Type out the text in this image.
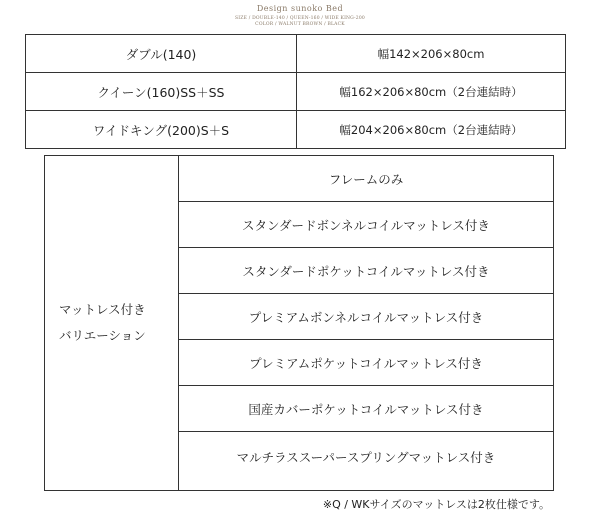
Design sunoko Bed
SIZE / DOUBLE-140 / QUEEN-160 / WIDE KING-200
COLOR / WALNUT BROWN / BLACK
ダブル(140)	幅142×206×80cm
クイーン(160)SS＋SS	幅162×206×80cm（2台連結時）
ワイドキング(200)S＋S	幅204×206×80cm（2台連結時）
マットレス付き
バリエーション
フレームのみ
スタンダードボンネルコイルマットレス付き
スタンダードポケットコイルマットレス付き
プレミアムボンネルコイルマットレス付き
プレミアムポケットコイルマットレス付き
国産カバーポケットコイルマットレス付き
マルチラススーパースプリングマットレス付き
※Q / WKサイズのマットレスは2枚仕様です。
